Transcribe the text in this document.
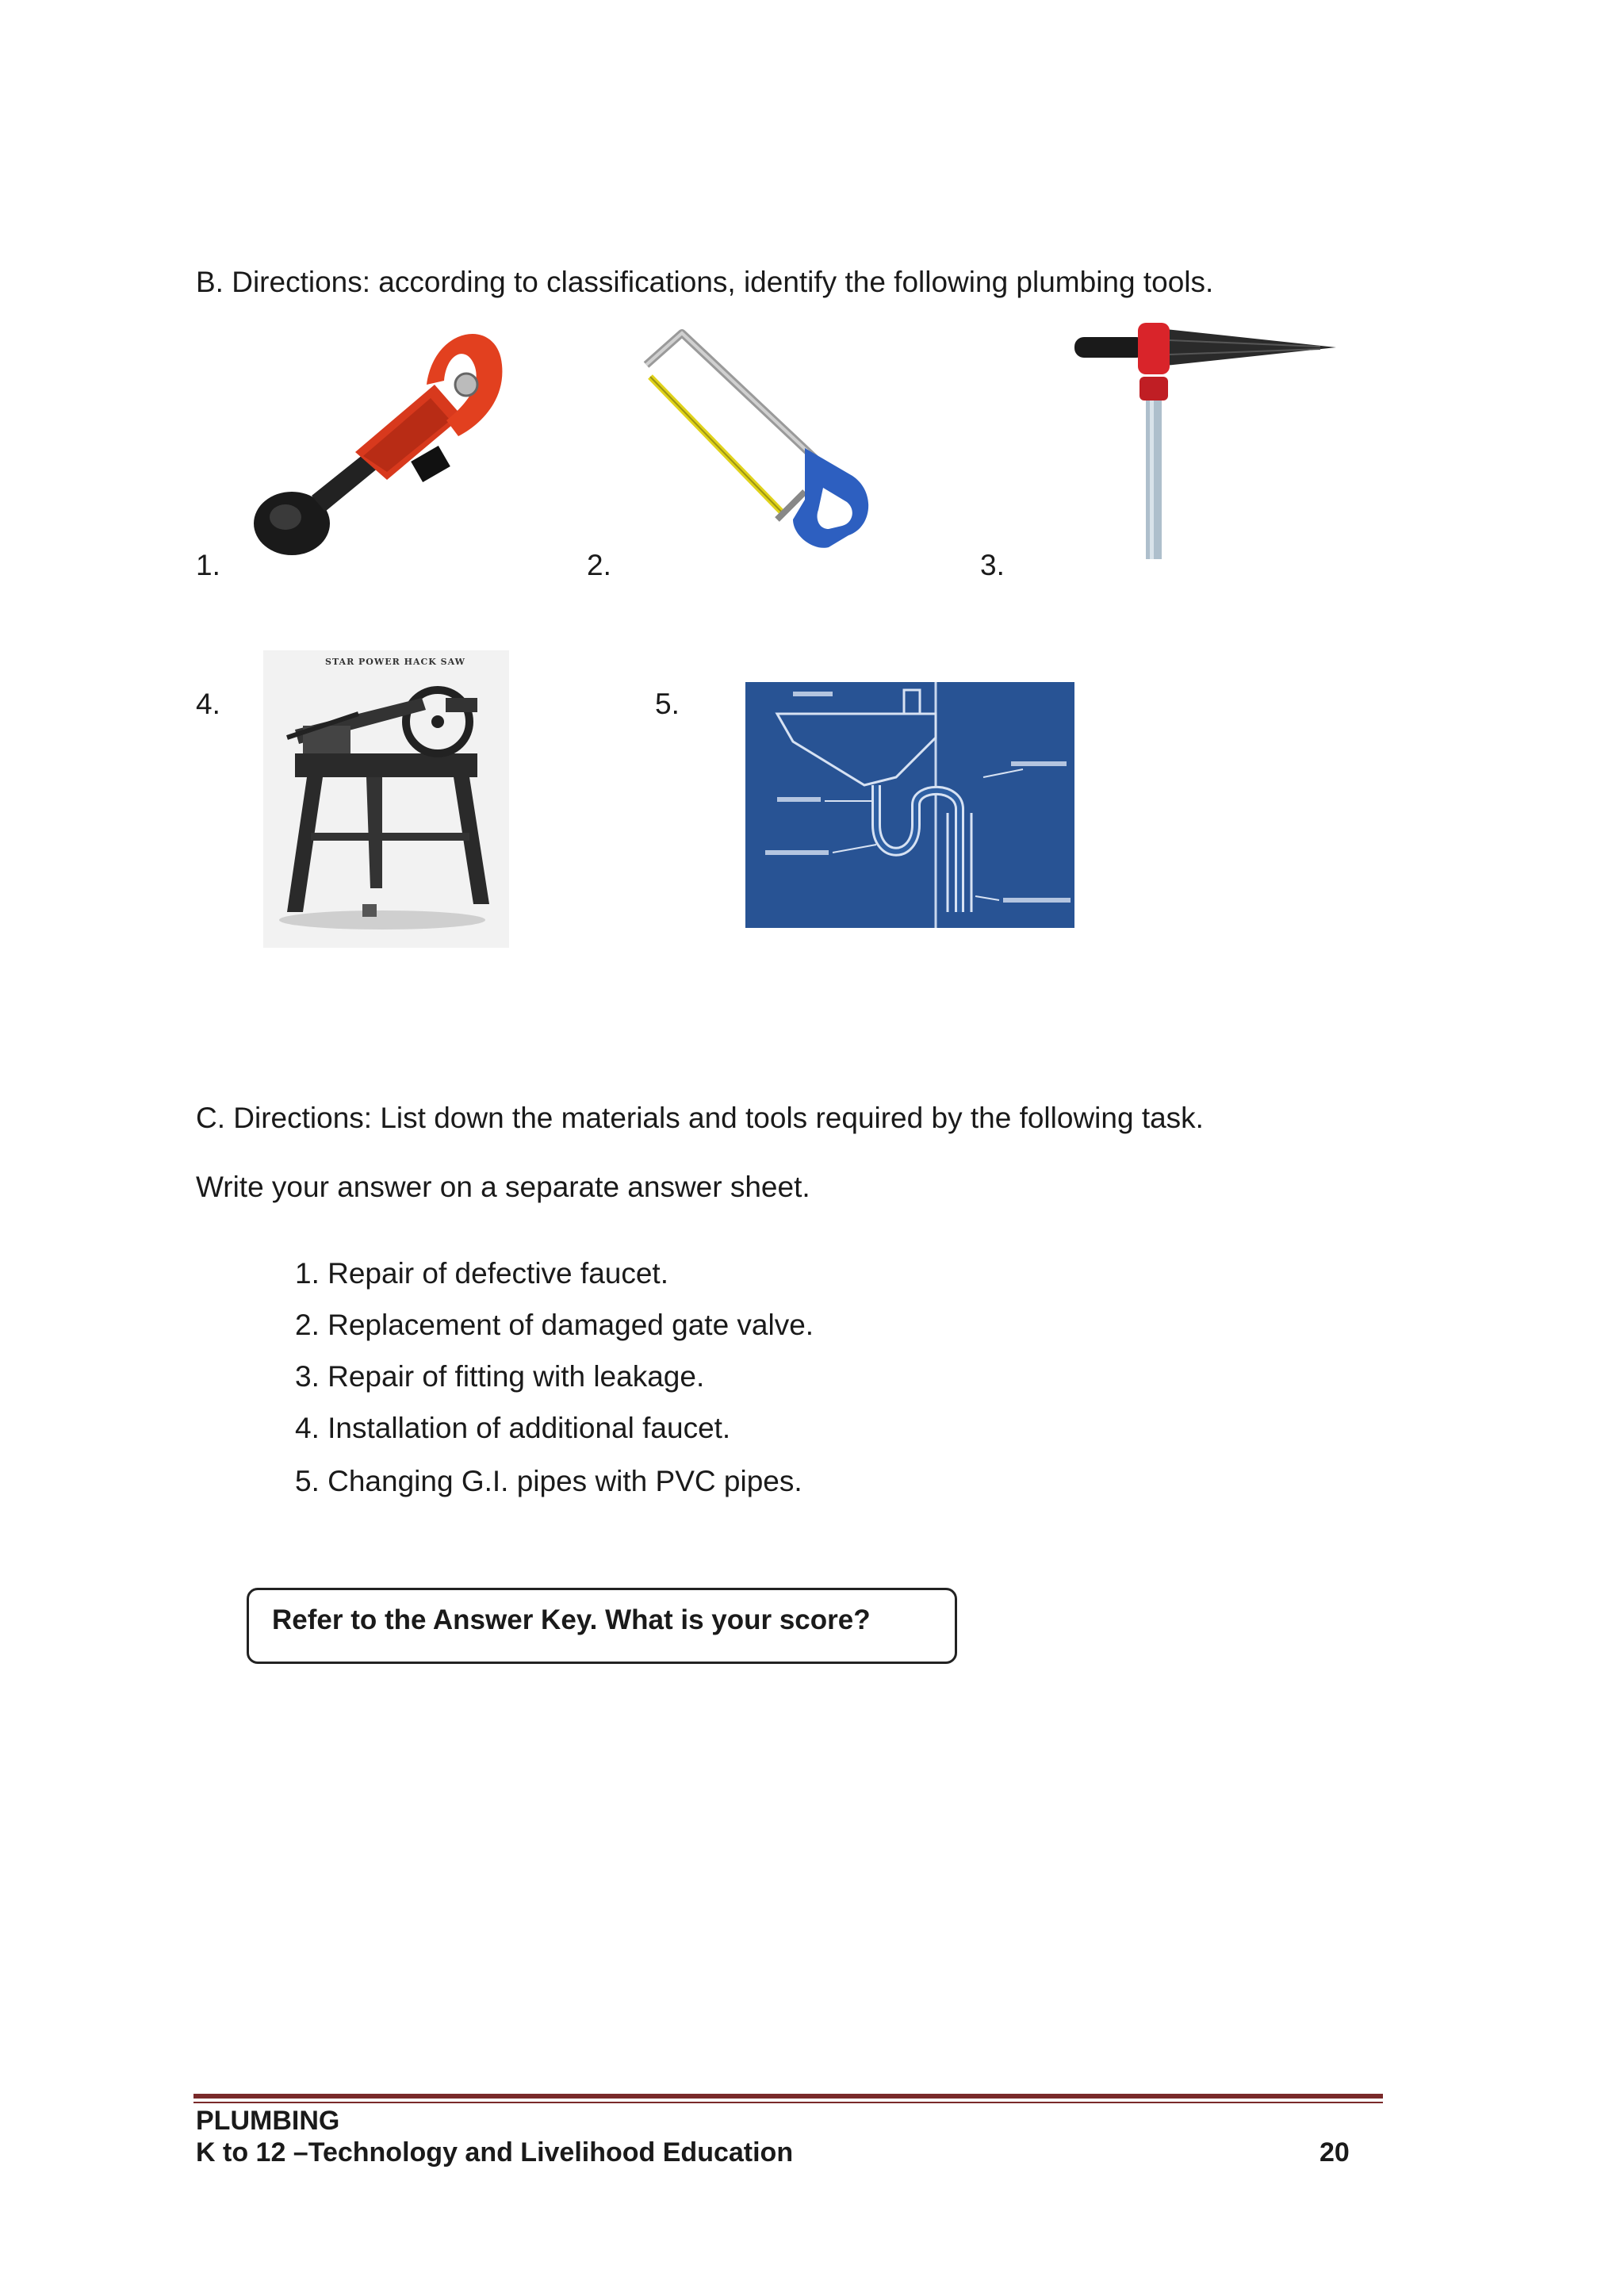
B. Directions: according to classifications, identify the following plumbing tools.
1.	2.	3.
4.
STAR POWER HACK SAW
5.
C. Directions: List down the materials and tools required by the following task.
Write your answer on a separate answer sheet.
1. Repair of defective faucet.
2. Replacement of damaged gate valve.
3. Repair of fitting with leakage.
4. Installation of additional faucet.
5. Changing G.I. pipes with PVC pipes.
Refer to the Answer Key. What is your score?
PLUMBING
K to 12 –Technology and Livelihood Education	20
